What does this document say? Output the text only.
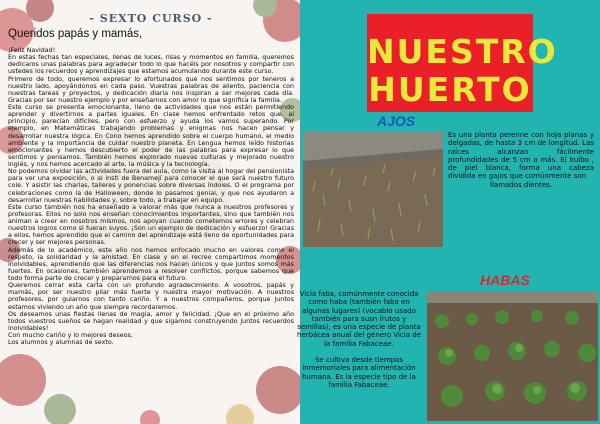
- SEXTO CURSO -
Queridos papás y mamás,

¡Feliz Navidad!

En estas fechas tan especiales, llenas de luces, risas y momentos en familia, queremos dedicaros unas palabras para agradecer todo lo que hacéis por nosotros y compartir con ustedes los recuerdos y aprendizajes que estamos acumulando durante este curso.

Primero de todo, queremos expresar lo afortunados que nos sentimos por teneros a nuestro lado, apoyándonos en cada paso. Vuestras palabras de aliento, paciencia con nuestras tareas y proyectos, y dedicación diaria nos inspiran a ser mejores cada día. Gracias por ser nuestro ejemplo y por enseñarnos con amor lo que significa la familia.

Este curso se presenta emocionante, lleno de actividades que nos están permitiendo aprender y divertirnos a partes iguales. En clase hemos enfrentado retos que, al principio, parecían difíciles, pero con esfuerzo y ayuda los vamos superando. Por ejemplo, en Matemáticas trabajando problemas y enigmas nos hacen pensar y desarrollar nuestra lógica. En Cono hemos aprendido sobre el cuerpo humano, el medio ambiente y la importancia de cuidar nuestro planeta. En Lengua hemos leído historias emocionantes y hemos descubierto el poder de las palabras para expresar lo que sentimos y pensamos. También hemos explorado nuevas culturas y mejorado nuestro inglés, y nos hemos acercado al arte, la música y la tecnología.

No podemos olvidar las actividades fuera del aula, como la visita al hogar del pensionista para ver una exposición, o al insti de Benamejí para conocer el que será nuestro futuro cole. Y asistir las charlas, talleres y ponencias sobre diversas índoles. O el programa por celebraciones como la de Halloween, donde lo pasamos genial, y que nos ayudaron a desarrollar nuestras habilidades y, sobre todo, a trabajar en equipo.

Este curso también nos ha enseñado a valorar más que nunca a nuestros profesores y profesoras. Ellos no solo nos enseñan conocimientos importantes, sino que también nos animan a creer en nosotros mismos, nos apoyan cuando cometemos errores y celebran nuestros logros como si fueran suyos. ¡Son un ejemplo de dedicación y esfuerzo! Gracias a ellos, hemos aprendido que el camino del aprendizaje está lleno de oportunidades para crecer y ser mejores personas.

Además de lo académico, este año nos hemos enfocado mucho en valores como el respeto, la solidaridad y la amistad. En clase y en el recreo compartimos momentos inolvidables, aprendiendo que las diferencias nos hacen únicos y que juntos somos más fuertes. En ocasiones, también aprendemos a resolver conflictos, porque sabemos que todo forma parte de crecer y prepararnos para el futuro.

Queremos cerrar esta carta con un profundo agradecimiento. A vosotros, papás y mamás, por ser nuestro pilar más fuerte y nuestra mayor motivación. A nuestros profesores, por guiarnos con tanto cariño. Y a nuestros compañeros, porque juntos estamos viviendo un año que siempre recordaremos.

Os deseamos unas fiestas llenas de magia, amor y felicidad. ¡Que en el próximo año todos vuestros sueños se hagan realidad y que sigamos construyendo juntos recuerdos inolvidables!

Con mucho cariño y lo mejores deseos,

Los alumnos y alumnas de sexto.

NUESTRO
HUERTO
AJOS
Es una planta perenne con hoja planas y delgadas, de hasta 3 cm de longitud. Las raíces alcanzan fácilmente profundidades de 5 cm o más. El bulbo , de piel blanca, forma una cabeza dividida en gajos que comúnmente son
llamados dientes.
HABAS

Vicia faba, comúnmente conocida como haba (también faba en algunas lugares) (vocablo usado también para susn frutos y semillas), es una especie de planta herbácea anual del género Vicia de la familia Fabaceae.

Se cultiva desde tiempos inmemoriales para alimentación humana. Es la especie tipo de la familia Fabaceae.
